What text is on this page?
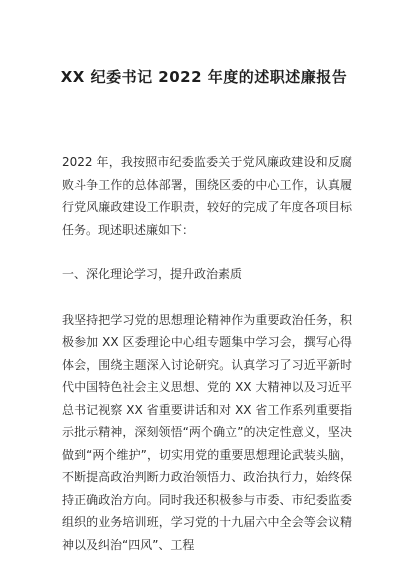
XX 纪委书记 2022 年度的述职述廉报告

2022 年，我按照市纪委监委关于党风廉政建设和反腐败斗争工作的总体部署，围绕区委的中心工作，认真履行党风廉政建设工作职责，较好的完成了年度各项目标任务。现述职述廉如下：

一、深化理论学习，提升政治素质

我坚持把学习党的思想理论精神作为重要政治任务，积极参加 XX 区委理论中心组专题集中学习会，撰写心得体会，围绕主题深入讨论研究。认真学习了习近平新时代中国特色社会主义思想、党的 XX 大精神以及习近平总书记视察 XX 省重要讲话和对 XX 省工作系列重要指示批示精神，深刻领悟“两个确立”的决定性意义，坚决做到“两个维护”，切实用党的重要思想理论武装头脑，不断提高政治判断力政治领悟力、政治执行力，始终保持正确政治方向。同时我还积极参与市委、市纪委监委组织的业务培训班，学习党的十九届六中全会等会议精神以及纠治“四风”、工程
